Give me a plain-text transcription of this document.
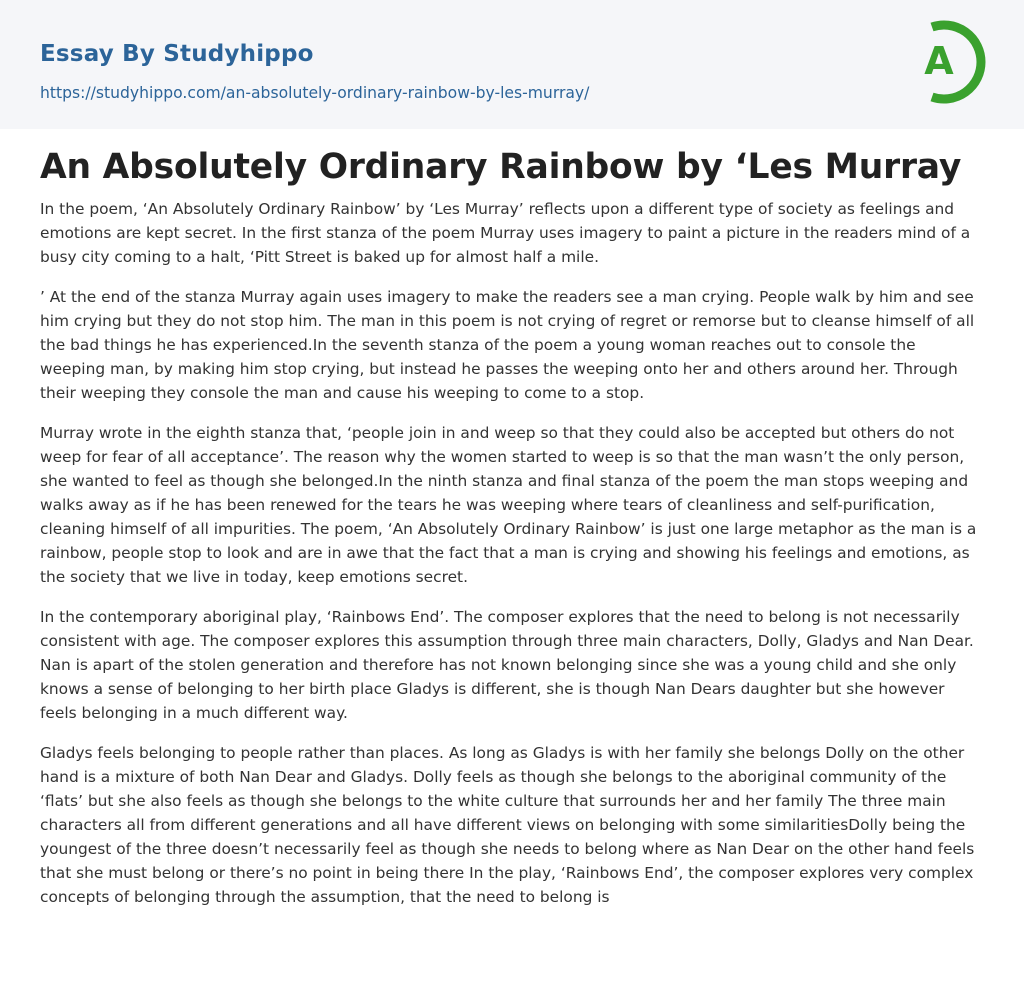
Essay By Studyhippo
https://studyhippo.com/an-absolutely-ordinary-rainbow-by-les-murray/
A
An Absolutely Ordinary Rainbow by ‘Les Murray

In the poem, ‘An Absolutely Ordinary Rainbow’ by ‘Les Murray’ reflects upon a different type of society as feelings and emotions are kept secret. In the first stanza of the poem Murray uses imagery to paint a picture in the readers mind of a busy city coming to a halt, ‘Pitt Street is baked up for almost half a mile.

’ At the end of the stanza Murray again uses imagery to make the readers see a man crying. People walk by him and see him crying but they do not stop him. The man in this poem is not crying of regret or remorse but to cleanse himself of all the bad things he has experienced.In the seventh stanza of the poem a young woman reaches out to console the weeping man, by making him stop crying, but instead he passes the weeping onto her and others around her. Through their weeping they console the man and cause his weeping to come to a stop.

Murray wrote in the eighth stanza that, ‘people join in and weep so that they could also be accepted but others do not weep for fear of all acceptance’. The reason why the women started to weep is so that the man wasn’t the only person, she wanted to feel as though she belonged.In the ninth stanza and final stanza of the poem the man stops weeping and walks away as if he has been renewed for the tears he was weeping where tears of cleanliness and self-purification, cleaning himself of all impurities. The poem, ‘An Absolutely Ordinary Rainbow’ is just one large metaphor as the man is a rainbow, people stop to look and are in awe that the fact that a man is crying and showing his feelings and emotions, as the society that we live in today, keep emotions secret.

In the contemporary aboriginal play, ‘Rainbows End’. The composer explores that the need to belong is not necessarily consistent with age. The composer explores this assumption through three main characters, Dolly, Gladys and Nan Dear. Nan is apart of the stolen generation and therefore has not known belonging since she was a young child and she only knows a sense of belonging to her birth place Gladys is different, she is though Nan Dears daughter but she however feels belonging in a much different way.

Gladys feels belonging to people rather than places. As long as Gladys is with her family she belongs Dolly on the other hand is a mixture of both Nan Dear and Gladys. Dolly feels as though she belongs to the aboriginal community of the ‘flats’ but she also feels as though she belongs to the white culture that surrounds her and her family The three main characters all from different generations and all have different views on belonging with some similaritiesDolly being the youngest of the three doesn’t necessarily feel as though she needs to belong where as Nan Dear on the other hand feels that she must belong or there’s no point in being there In the play, ‘Rainbows End’, the composer explores very complex concepts of belonging through the assumption, that the need to belong is
